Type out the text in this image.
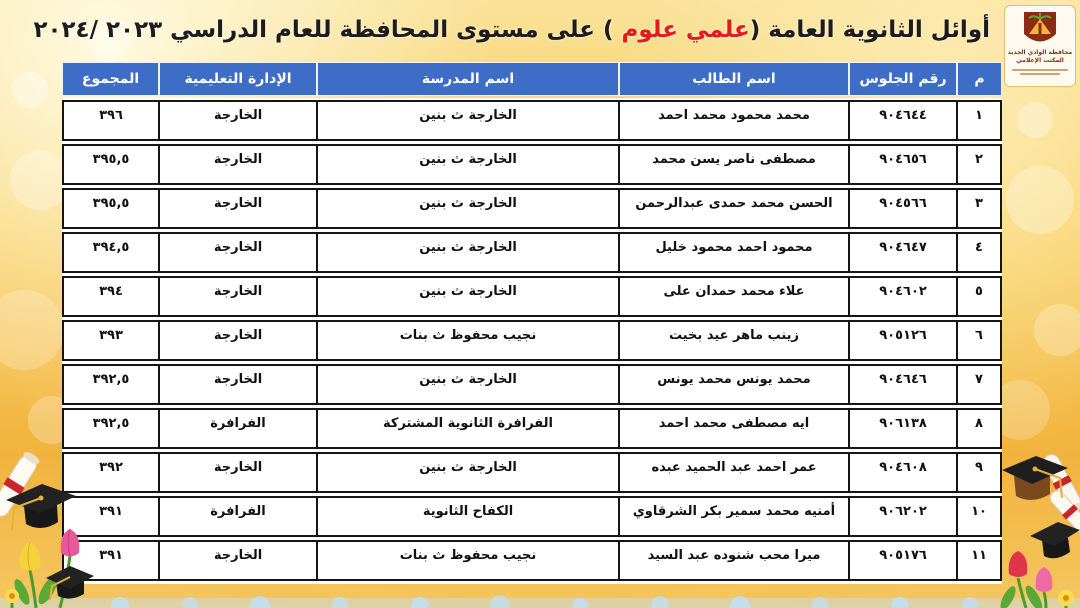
أوائل الثانوية العامة (علمي علوم ) على مستوى المحافظة للعام الدراسي ٢٠٢٣ /٢٠٢٤
محافظة الوادي الجديد
المكتب الإعلامي
م
رقم الجلوس
اسم الطالب
اسم المدرسة
الإدارة التعليمية
المجموع
١
٩٠٤٦٤٤
محمد محمود محمد احمد
الخارجة ث بنين
الخارجة
٣٩٦
٢
٩٠٤٦٥٦
مصطفى ناصر يسن محمد
الخارجة ث بنين
الخارجة
٣٩٥,٥
٣
٩٠٤٥٦٦
الحسن محمد حمدى عبدالرحمن
الخارجة ث بنين
الخارجة
٣٩٥,٥
٤
٩٠٤٦٤٧
محمود احمد محمود خليل
الخارجة ث بنين
الخارجة
٣٩٤,٥
٥
٩٠٤٦٠٢
علاء محمد حمدان على
الخارجة ث بنين
الخارجة
٣٩٤
٦
٩٠٥١٢٦
زينب ماهر عيد بخيت
نجيب محفوظ ث بنات
الخارجة
٣٩٣
٧
٩٠٤٦٤٦
محمد يونس محمد يونس
الخارجة ث بنين
الخارجة
٣٩٢,٥
٨
٩٠٦١٣٨
ايه مصطفى محمد احمد
الفرافرة الثانوية المشتركة
الفرافرة
٣٩٢,٥
٩
٩٠٤٦٠٨
عمر احمد عبد الحميد عبده
الخارجة ث بنين
الخارجة
٣٩٢
١٠
٩٠٦٢٠٢
أمنيه محمد سمير بكر الشرقاوي
الكفاح الثانوية
الفرافرة
٣٩١
١١
٩٠٥١٧٦
ميرا محب شنوده عبد السيد
نجيب محفوظ ث بنات
الخارجة
٣٩١
